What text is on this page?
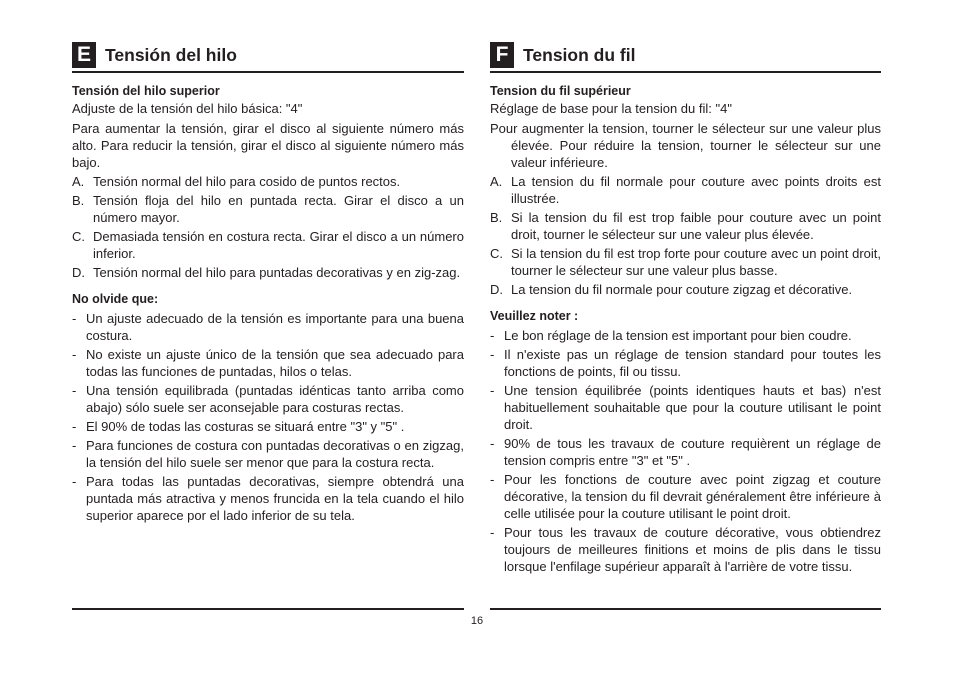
E Tensión del hilo
Tensión del hilo superior

Adjuste de la tensión del hilo básica: "4"

Para aumentar la tensión, girar el disco al siguiente número más alto. Para reducir la tensión, girar el disco al siguiente número más bajo.

A. Tensión normal del hilo para cosido de puntos rectos.
B. Tensión floja del hilo en puntada recta. Girar el disco a un número mayor.
C. Demasiada tensión en costura recta. Girar el disco a un número inferior.
D. Tensión normal del hilo para puntadas decorativas y en zig-zag.
No olvide que:
- Un ajuste adecuado de la tensión es importante para una buena costura.
- No existe un ajuste único de la tensión que sea adecuado para todas las funciones de puntadas, hilos o telas.
- Una tensión equilibrada (puntadas idénticas tanto arriba como abajo) sólo suele ser aconsejable para costuras rectas.
- El 90% de todas las costuras se situará entre "3" y "5" .
- Para funciones de costura con puntadas decorativas o en zigzag, la tensión del hilo suele ser menor que para la costura recta.
- Para todas las puntadas decorativas, siempre obtendrá una puntada más atractiva y menos fruncida en la tela cuando el hilo superior aparece por el lado inferior de su tela.
F Tension du fil
Tension du fil supérieur

Réglage de base pour la tension du fil: "4"

Pour augmenter la tension, tourner le sélecteur sur une valeur plus élevée. Pour réduire la tension, tourner le sélecteur sur une valeur inférieure.

A. La tension du fil normale pour couture avec points droits est illustrée.
B. Si la tension du fil est trop faible pour couture avec un point droit, tourner le sélecteur sur une valeur plus élevée.
C. Si la tension du fil est trop forte pour couture avec un point droit, tourner le sélecteur sur une valeur plus basse.
D. La tension du fil normale pour couture zigzag et décorative.
Veuillez noter :
- Le bon réglage de la tension est important pour bien coudre.
- Il n'existe pas un réglage de tension standard pour toutes les fonctions de points, fil ou tissu.
- Une tension équilibrée (points identiques hauts et bas) n'est habituellement souhaitable que pour la couture utilisant le point droit.
- 90% de tous les travaux de couture requièrent un réglage de tension compris entre "3" et "5" .
- Pour les fonctions de couture avec point zigzag et couture décorative, la tension du fil devrait généralement être inférieure à celle utilisée pour la couture utilisant le point droit.
- Pour tous les travaux de couture décorative, vous obtiendrez toujours de meilleures finitions et moins de plis dans le tissu lorsque l'enfilage supérieur apparaît à l'arrière de votre tissu.
16
